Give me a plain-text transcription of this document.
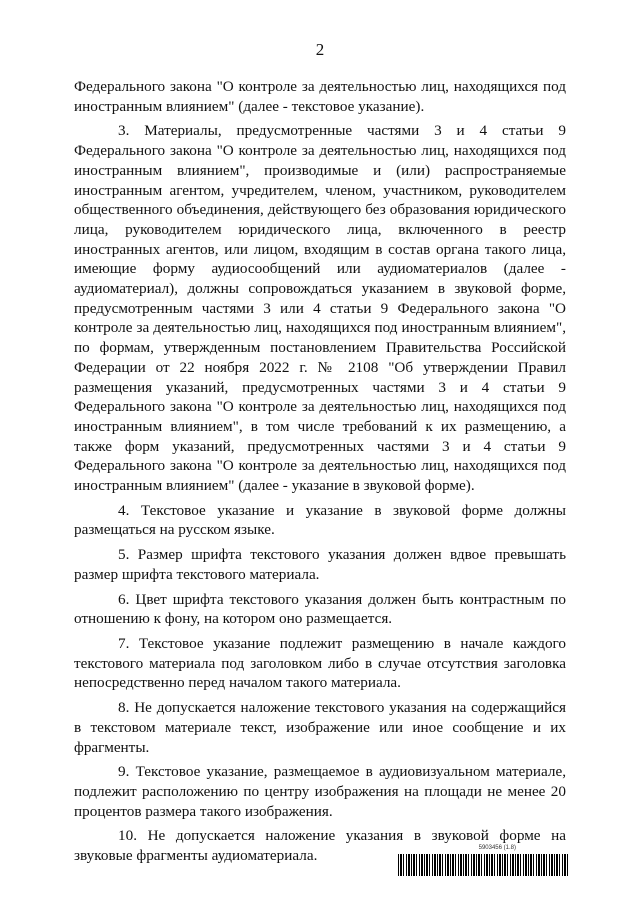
2

Федерального закона "О контроле за деятельностью лиц, находящихся под иностранным влиянием" (далее - текстовое указание).

3. Материалы, предусмотренные частями 3 и 4 статьи 9 Федерального закона "О контроле за деятельностью лиц, находящихся под иностранным влиянием", производимые и (или) распространяемые иностранным агентом, учредителем, членом, участником, руководителем общественного объединения, действующего без образования юридического лица, руководителем юридического лица, включенного в реестр иностранных агентов, или лицом, входящим в состав органа такого лица, имеющие форму аудиосообщений или аудиоматериалов (далее - аудиоматериал), должны сопровождаться указанием в звуковой форме, предусмотренным частями 3 или 4 статьи 9 Федерального закона "О контроле за деятельностью лиц, находящихся под иностранным влиянием", по формам, утвержденным постановлением Правительства Российской Федерации от 22 ноября 2022 г. № 2108 "Об утверждении Правил размещения указаний, предусмотренных частями 3 и 4 статьи 9 Федерального закона "О контроле за деятельностью лиц, находящихся под иностранным влиянием", в том числе требований к их размещению, а также форм указаний, предусмотренных частями 3 и 4 статьи 9 Федерального закона "О контроле за деятельностью лиц, находящихся под иностранным влиянием" (далее - указание в звуковой форме).

4. Текстовое указание и указание в звуковой форме должны размещаться на русском языке.

5. Размер шрифта текстового указания должен вдвое превышать размер шрифта текстового материала.

6. Цвет шрифта текстового указания должен быть контрастным по отношению к фону, на котором оно размещается.

7. Текстовое указание подлежит размещению в начале каждого текстового материала под заголовком либо в случае отсутствия заголовка непосредственно перед началом такого материала.

8. Не допускается наложение текстового указания на содержащийся в текстовом материале текст, изображение или иное сообщение и их фрагменты.

9. Текстовое указание, размещаемое в аудиовизуальном материале, подлежит расположению по центру изображения на площади не менее 20 процентов размера такого изображения.

10. Не допускается наложение указания в звуковой форме на звуковые фрагменты аудиоматериала.	5903456 (1.8)
